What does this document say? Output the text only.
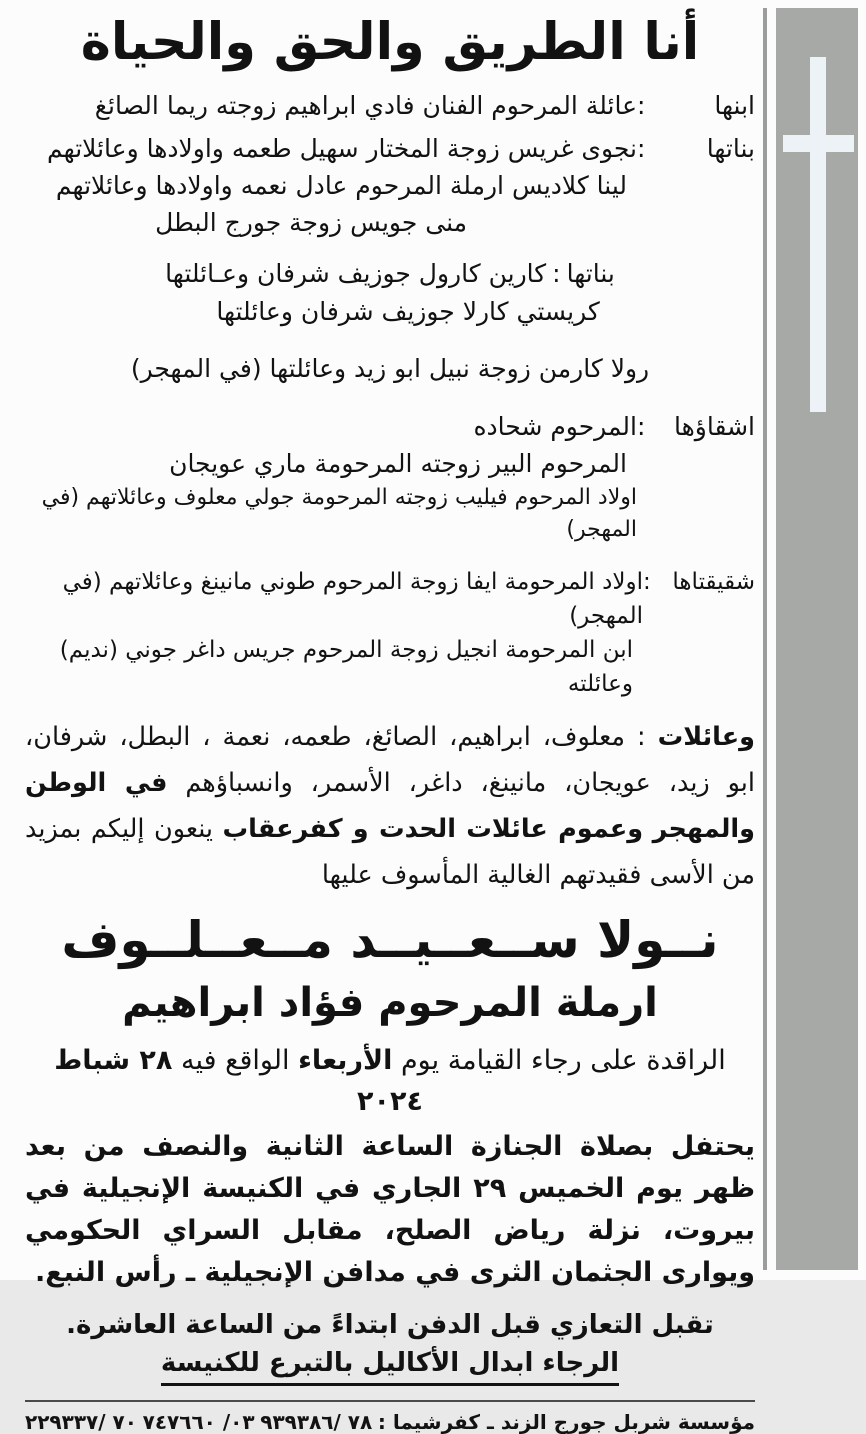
أنا الطريق والحق والحياة
ابنها
:
عائلة المرحوم الفنان فادي ابراهيم زوجته ريما الصائغ
بناتها
:
نجوى غريس زوجة المختار سهيل طعمه واولادها وعائلاتهم
لينا كلاديس ارملة المرحوم عادل نعمه واولادها وعائلاتهم
منى جويس زوجة جورج البطل
بناتها:كارين كارول جوزيف شرفان وعـائلتها
كريستي كارلا جوزيف شرفان وعائلتها
رولا كارمن زوجة نبيل ابو زيد وعائلتها (في المهجر)
اشقاؤها
:
المرحوم شحاده
المرحوم البير زوجته المرحومة ماري عويجان
اولاد المرحوم فيليب زوجته المرحومة جولي معلوف وعائلاتهم (في المهجر)
شقيقتاها
:
اولاد المرحومة ايفا زوجة المرحوم طوني مانينغ وعائلاتهم (في المهجر)
ابن المرحومة انجيل زوجة المرحوم جريس داغر جوني (نديم) وعائلته

وعائلات : معلوف، ابراهيم، الصائغ، طعمه، نعمة ، البطل، شرفان، ابو زيد، عويجان، مانينغ، داغر، الأسمر، وانسباؤهم في الوطن والمهجر وعموم عائلات الحدت و كفرعقاب ينعون إليكم بمزيد من الأسى فقيدتهم الغالية المأسوف عليها

نــولا ســعــيــد مــعــلــوف
ارملة المرحوم فؤاد ابراهيم
الراقدة على رجاء القيامة يوم الأربعاء الواقع فيه ٢٨ شباط ٢٠٢٤

يحتفل بصلاة الجنازة الساعة الثانية والنصف من بعد ظهر يوم الخميس ٢٩ الجاري في الكنيسة الإنجيلية في بيروت، نزلة رياض الصلح، مقابل السراي الحكومي ويوارى الجثمان الثرى في مدافن الإنجيلية ـ رأس النبع.

تقبل التعازي قبل الدفن ابتداءً من الساعة العاشرة.
الرجاء ابدال الأكاليل بالتبرع للكنيسة
مؤسسة شربل جورج الزند ـ كفرشيما :
٧٨ /٩٣٩٣٨٦
٠٣/ ٧٤٧٦٦٠
٧٠ /٢٢٩٣٣٧
